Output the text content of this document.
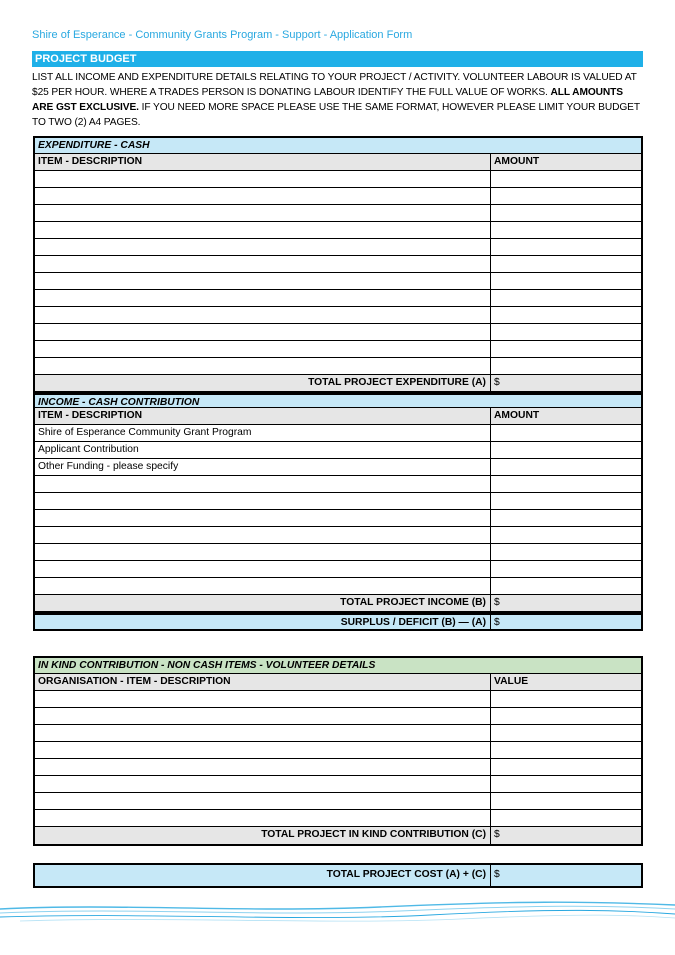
Shire of Esperance - Community Grants Program - Support - Application Form
PROJECT BUDGET
LIST ALL INCOME AND EXPENDITURE DETAILS RELATING TO YOUR PROJECT / ACTIVITY. VOLUNTEER LABOUR IS VALUED AT $25 PER HOUR. WHERE A TRADES PERSON IS DONATING LABOUR IDENTIFY THE FULL VALUE OF WORKS. ALL AMOUNTS ARE GST EXCLUSIVE. IF YOU NEED MORE SPACE PLEASE USE THE SAME FORMAT, HOWEVER PLEASE LIMIT YOUR BUDGET TO TWO (2) A4 PAGES.
EXPENDITURE - CASH
ITEM - DESCRIPTION	AMOUNT
TOTAL PROJECT EXPENDITURE (A) $
INCOME - CASH CONTRIBUTION
ITEM - DESCRIPTION	AMOUNT
Shire of Esperance Community Grant Program
Applicant Contribution
Other Funding - please specify
TOTAL PROJECT INCOME (B) $
SURPLUS / DEFICIT (B) — (A) $
IN KIND CONTRIBUTION - NON CASH ITEMS - VOLUNTEER DETAILS
ORGANISATION - ITEM - DESCRIPTION	VALUE
TOTAL PROJECT IN KIND CONTRIBUTION (C) $
TOTAL PROJECT COST (A) + (C) $
